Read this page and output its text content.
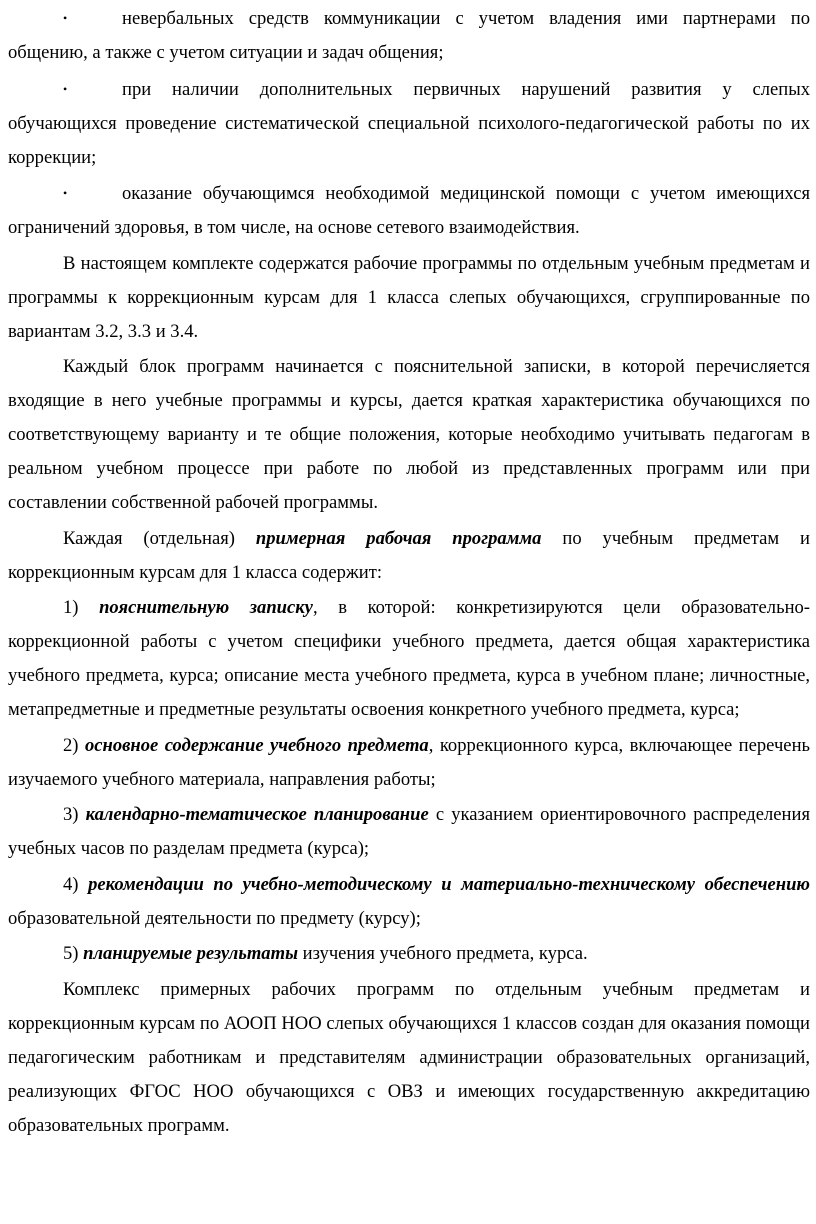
•	невербальных средств коммуникации с учетом владения ими партнерами по общению, а также с учетом ситуации и задач общения;

•	при наличии дополнительных первичных нарушений развития у слепых обучающихся проведение систематической специальной психолого-педагогической работы по их коррекции;

•	оказание обучающимся необходимой медицинской помощи с учетом имеющихся ограничений здоровья, в том числе, на основе сетевого взаимодействия.

В настоящем комплекте содержатся рабочие программы по отдельным учебным предметам и программы к коррекционным курсам для 1 класса слепых обучающихся, сгруппированные по вариантам 3.2, 3.3 и 3.4.

Каждый блок программ начинается с пояснительной записки, в которой перечисляется входящие в него учебные программы и курсы, дается краткая характеристика обучающихся по соответствующему варианту и те общие положения, которые необходимо учитывать педагогам в реальном учебном процессе при работе по любой из представленных программ или при составлении собственной рабочей программы.

Каждая (отдельная) примерная рабочая программа по учебным предметам и коррекционным курсам для 1 класса содержит:

1) пояснительную записку, в которой: конкретизируются цели образовательно-коррекционной работы с учетом специфики учебного предмета, дается общая характеристика учебного предмета, курса; описание места учебного предмета, курса в учебном плане; личностные, метапредметные и предметные результаты освоения конкретного учебного предмета, курса;

2) основное содержание учебного предмета, коррекционного курса, включающее перечень изучаемого учебного материала, направления работы;

3) календарно-тематическое планирование с указанием ориентировочного распределения учебных часов по разделам предмета (курса);

4) рекомендации по учебно-методическому и материально-техническому обеспечению образовательной деятельности по предмету (курсу);

5) планируемые результаты изучения учебного предмета, курса.

Комплекс примерных рабочих программ по отдельным учебным предметам и коррекционным курсам по АООП НОО слепых обучающихся 1 классов создан для оказания помощи педагогическим работникам и представителям администрации образовательных организаций, реализующих ФГОС НОО обучающихся с ОВЗ и имеющих государственную аккредитацию образовательных программ.
